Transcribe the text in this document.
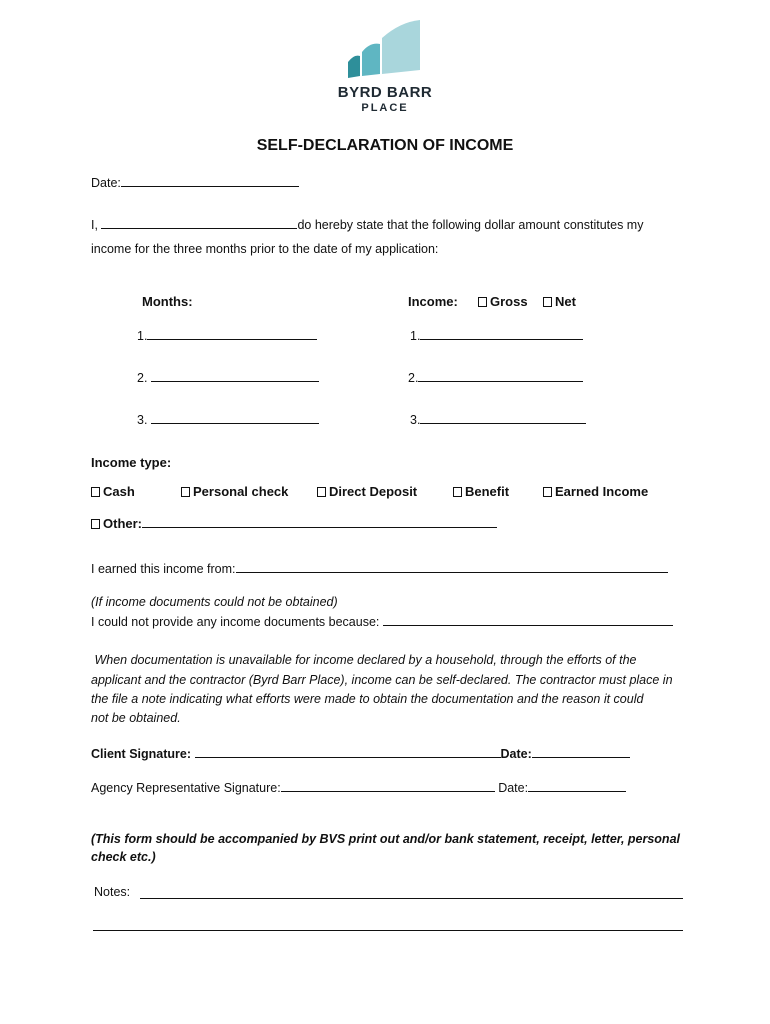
BYRD BARR
PLACE
SELF-DECLARATION OF INCOME
Date:
I,	do hereby state that the following dollar amount constitutes my
income for the three months prior to the date of my application:
Months:	Income:	Gross	Net
1.	1.
2.	2.
3.	3.
Income type:
Cash	Personal check	Direct Deposit	Benefit	Earned Income
Other:
I earned this income from:
(If income documents could not be obtained)
I could not provide any income documents because:
When documentation is unavailable for income declared by a household, through the efforts of the
applicant and the contractor (Byrd Barr Place), income can be self-declared. The contractor must place in
the file a note indicating what efforts were made to obtain the documentation and the reason it could
not be obtained.
Client Signature:	Date:
Agency Representative Signature:	Date:
(This form should be accompanied by BVS print out and/or bank statement, receipt, letter, personal
check etc.)
Notes:
